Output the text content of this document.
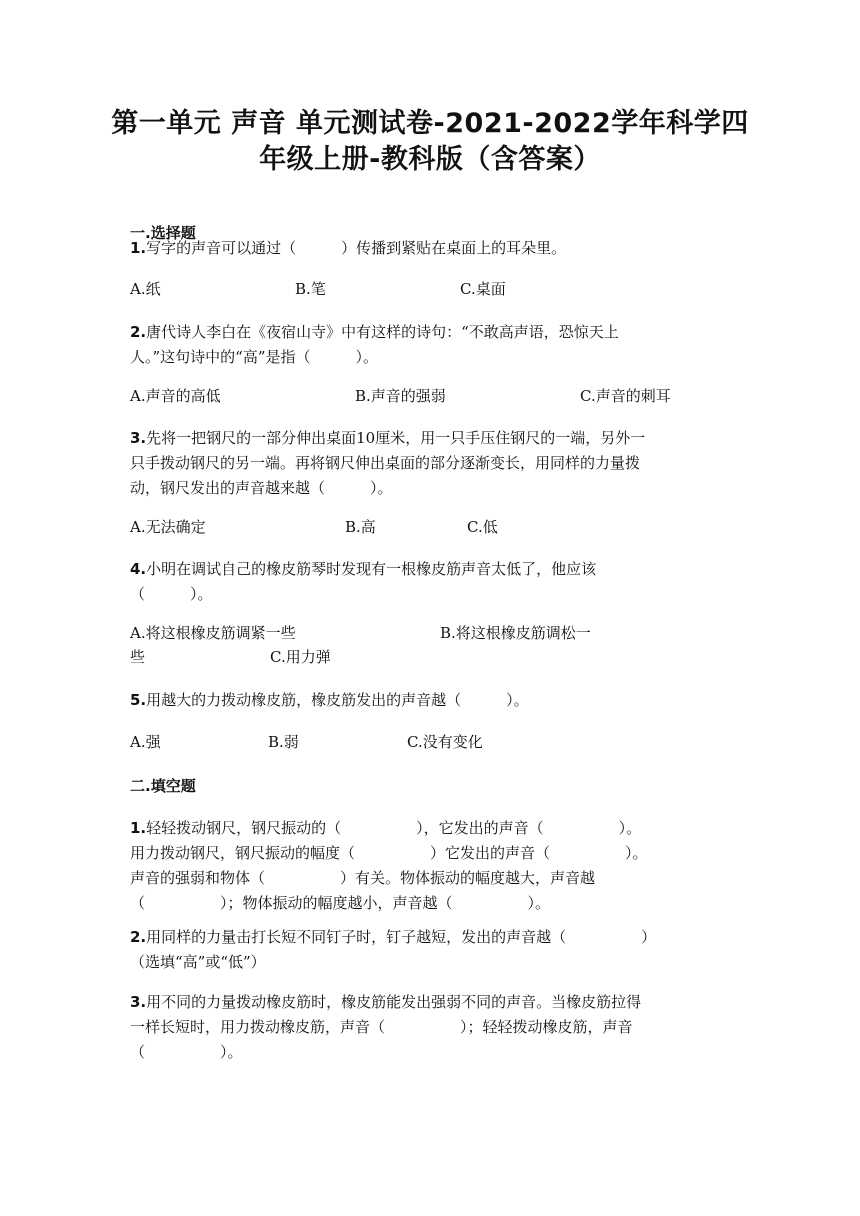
第一单元 声音 单元测试卷-2021-2022学年科学四
年级上册-教科版（含答案）
一.选择题
1.写字的声音可以通过（　　　）传播到紧贴在桌面上的耳朵里。
A.纸	B.笔	C.桌面
2.唐代诗人李白在《夜宿山寺》中有这样的诗句：“不敢高声语，恐惊天上
人。”这句诗中的“高”是指（　　　）。
A.声音的高低	B.声音的强弱	C.声音的刺耳
3.先将一把钢尺的一部分伸出桌面10厘米，用一只手压住钢尺的一端，另外一
只手拨动钢尺的另一端。再将钢尺伸出桌面的部分逐渐变长，用同样的力量拨
动，钢尺发出的声音越来越（　　　）。
A.无法确定	B.高	C.低
4.小明在调试自己的橡皮筋琴时发现有一根橡皮筋声音太低了，他应该
（　　　）。
A.将这根橡皮筋调紧一些	B.将这根橡皮筋调松一
些	C.用力弹
5.用越大的力拨动橡皮筋，橡皮筋发出的声音越（　　　）。
A.强	B.弱	C.没有变化
二.填空题
1.轻轻拨动钢尺，钢尺振动的（　　　　　），它发出的声音（　　　　　）。
用力拨动钢尺，钢尺振动的幅度（　　　　　）它发出的声音（　　　　　）。
声音的强弱和物体（　　　　　）有关。物体振动的幅度越大，声音越
（　　　　　）；物体振动的幅度越小，声音越（　　　　　）。
2.用同样的力量击打长短不同钉子时，钉子越短，发出的声音越（　　　　　）
（选填“高”或“低”）
3.用不同的力量拨动橡皮筋时，橡皮筋能发出强弱不同的声音。当橡皮筋拉得
一样长短时，用力拨动橡皮筋，声音（　　　　　）；轻轻拨动橡皮筋，声音
（　　　　　）。
